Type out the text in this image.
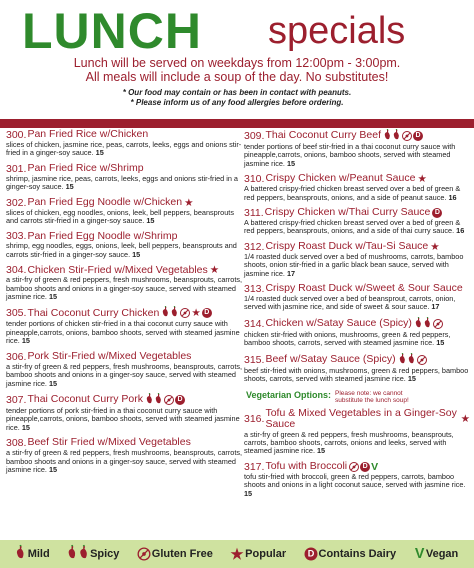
LUNCH specials
Lunch will be served on weekdays from 12:00pm - 3:00pm.
All meals will include a soup of the day. No substitutes!
* Our food may contain or has been in contact with peanuts.
* Please inform us of any food allergies before ordering.
300. Pan Fried Rice w/Chicken
slices of chicken, jasmine rice, peas, carrots, leeks, eggs and onions stir-fried in a ginger-soy sauce. 15
301. Pan Fried Rice w/Shrimp
shrimp, jasmine rice, peas, carrots, leeks, eggs and onions stir-fried in a ginger-soy sauce. 15
302. Pan Fried Egg Noodle w/Chicken ★
slices of chicken, egg noodles, onions, leek, bell peppers, beansprouts and carrots stir-fried in a ginger-soy sauce. 15
303. Pan Fried Egg Noodle w/Shrimp
shrimp, egg noodles, eggs, onions, leek, bell peppers, beansprouts and carrots stir-fried in a ginger-soy sauce. 15
304. Chicken Stir-Fried w/Mixed Vegetables ★
a stir-fry of green & red peppers, fresh mushrooms, beansprouts, carrots, bamboo shoots and onions in a ginger-soy sauce, served with steamed jasmine rice. 15
305. Thai Coconut Curry Chicken	★ D
tender portions of chicken stir-fried in a thai coconut curry sauce with pineapple,carrots, onions, bamboo shoots, served with steamed jasmine rice. 15
306. Pork Stir-Fried w/Mixed Vegetables
a stir-fry of green & red peppers, fresh mushrooms, beansprouts, carrots, bamboo shoots and onions in a ginger-soy sauce, served with steamed jasmine rice. 15
307. Thai Coconut Curry Pork	D
tender portions of pork stir-fried in a thai coconut curry sauce with pineapple,carrots, onions, bamboo shoots, served with steamed jasmine rice. 15
308. Beef Stir Fried w/Mixed Vegetables
a stir-fry of green & red peppers, fresh mushrooms, beansprouts, carrots, bamboo shoots and onions in a ginger-soy sauce, served with steamed jasmine rice. 15
309. Thai Coconut Curry Beef	D
tender portions of beef stir-fried in a thai coconut curry sauce with pineapple,carrots, onions, bamboo shoots, served with steamed jasmine rice. 15
310. Crispy Chicken w/Peanut Sauce ★
A battered crispy-fried chicken breast served over a bed of green & red peppers, beansprouts, onions, and a side of peanut sauce. 16
311. Crispy Chicken w/Thai Curry Sauce D
A battered crispy-fried chicken breast served over a bed of green & red peppers, beansprouts, onions, and a side of thai curry sauce. 16
312. Crispy Roast Duck w/Tau-Si Sauce ★
1/4 roasted duck served over a bed of mushrooms, carrots, bamboo shoots, onion stir-fried in a garlic black bean sauce, served with jasmine rice. 17
313. Crispy Roast Duck w/Sweet & Sour Sauce
1/4 roasted duck served over a bed of beansprout, carrots, onion, served with jasmine rice, and side of sweet & sour sauce. 17
314. Chicken w/Satay Sauce (Spicy)
chicken stir-fried with onions, mushrooms, green & red peppers, bamboo shoots, carrots, served with steamed jasmine rice. 15
315. Beef w/Satay Sauce (Spicy)
beef stir-fried with onions, mushrooms, green & red peppers, bamboo shoots, carrots, served with steamed jasmine rice. 15
Vegetarian Options: Please note: we cannot
substitute the lunch soup!
316.
Tofu & Mixed Vegetables in a Ginger-Soy Sauce	★
a stir-fry of green & red peppers, fresh mushrooms, beansprouts, carrots, bamboo shoots, carrots, onions and leeks, served with steamed jasmine rice. 15
317. Tofu with Broccoli	D V
tofu stir-fried with broccoli, green & red peppers, carrots, bamboo shoots and onions in a light coconut sauce, served with jasmine rice. 15
Mild	Spicy	Gluten Free ★ Popular	D Contains Dairy V Vegan
